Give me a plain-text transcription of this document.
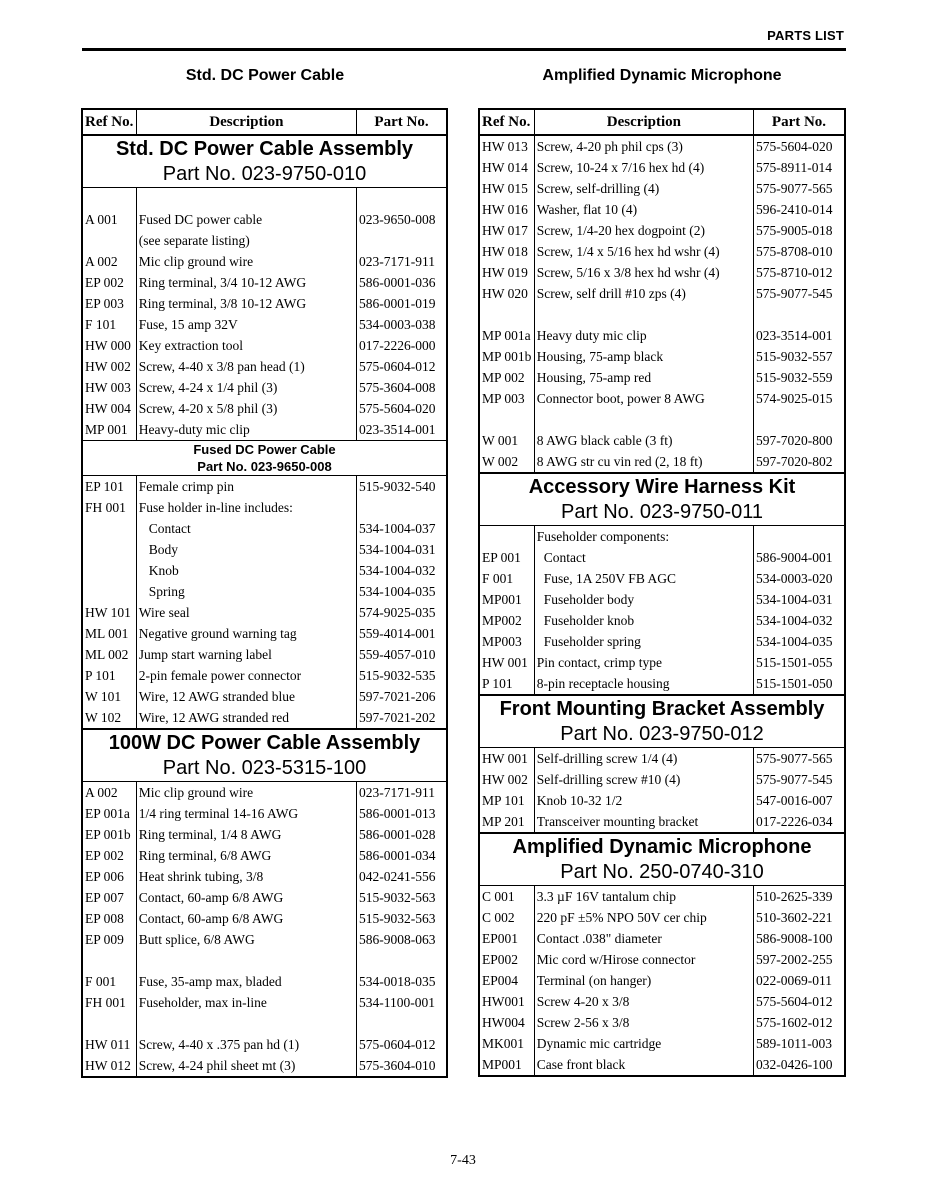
PARTS LIST
Std. DC Power Cable	Amplified Dynamic Microphone
Ref No.	Description	Part No.
Std. DC Power Cable Assembly		
Part No. 023-9750-010		

A 001	Fused DC power cable	023-9650-008
	(see separate listing)	
A 002	Mic clip ground wire	023-7171-911
EP 002	Ring terminal, 3/4 10-12 AWG	586-0001-036
EP 003	Ring terminal, 3/8 10-12 AWG	586-0001-019
F 101	Fuse, 15 amp 32V	534-0003-038
HW 000	Key extraction tool	017-2226-000
HW 002	Screw, 4-40 x 3/8 pan head (1)	575-0604-012
HW 003	Screw, 4-24 x 1/4 phil (3)	575-3604-008
HW 004	Screw, 4-20 x 5/8 phil (3)	575-5604-020
MP 001	Heavy-duty mic clip	023-3514-001
Fused DC Power Cable		
Part No. 023-9650-008		
EP 101	Female crimp pin	515-9032-540
FH 001	Fuse holder in-line includes:	
	Contact	534-1004-037
	Body	534-1004-031
	Knob	534-1004-032
	Spring	534-1004-035
HW 101	Wire seal	574-9025-035
ML 001	Negative ground warning tag	559-4014-001
ML 002	Jump start warning label	559-4057-010
P 101	2-pin female power connector	515-9032-535
W 101	Wire, 12 AWG stranded blue	597-7021-206
W 102	Wire, 12 AWG stranded red	597-7021-202
100W DC Power Cable Assembly		
Part No. 023-5315-100		
A 002	Mic clip ground wire	023-7171-911
EP 001a	1/4 ring terminal 14-16 AWG	586-0001-013
EP 001b	Ring terminal, 1/4 8 AWG	586-0001-028
EP 002	Ring terminal, 6/8 AWG	586-0001-034
EP 006	Heat shrink tubing, 3/8	042-0241-556
EP 007	Contact, 60-amp 6/8 AWG	515-9032-563
EP 008	Contact, 60-amp 6/8 AWG	515-9032-563
EP 009	Butt splice, 6/8 AWG	586-9008-063

F 001	Fuse, 35-amp max, bladed	534-0018-035
FH 001	Fuseholder, max in-line	534-1100-001

HW 011	Screw, 4-40 x .375 pan hd (1)	575-0604-012
HW 012	Screw, 4-24 phil sheet mt (3)	575-3604-010
Ref No.	Description	Part No.
HW 013	Screw, 4-20 ph phil cps (3)	575-5604-020
HW 014	Screw, 10-24 x 7/16 hex hd (4)	575-8911-014
HW 015	Screw, self-drilling (4)	575-9077-565
HW 016	Washer, flat 10 (4)	596-2410-014
HW 017	Screw, 1/4-20 hex dogpoint (2)	575-9005-018
HW 018	Screw, 1/4 x 5/16 hex hd wshr (4)	575-8708-010
HW 019	Screw, 5/16 x 3/8 hex hd wshr (4)	575-8710-012
HW 020	Screw, self drill #10 zps (4)	575-9077-545

MP 001a	Heavy duty mic clip	023-3514-001
MP 001b	Housing, 75-amp black	515-9032-557
MP 002	Housing, 75-amp red	515-9032-559
MP 003	Connector boot, power 8 AWG	574-9025-015

W 001	8 AWG black cable (3 ft)	597-7020-800
W 002	8 AWG str cu vin red (2, 18 ft)	597-7020-802
Accessory Wire Harness Kit		
Part No. 023-9750-011		
	Fuseholder components:	
EP 001	Contact	586-9004-001
F 001	Fuse, 1A 250V FB AGC	534-0003-020
MP001	Fuseholder body	534-1004-031
MP002	Fuseholder knob	534-1004-032
MP003	Fuseholder spring	534-1004-035
HW 001	Pin contact, crimp type	515-1501-055
P 101	8-pin receptacle housing	515-1501-050
Front Mounting Bracket Assembly		
Part No. 023-9750-012		
HW 001	Self-drilling screw 1/4 (4)	575-9077-565
HW 002	Self-drilling screw #10 (4)	575-9077-545
MP 101	Knob 10-32 1/2	547-0016-007
MP 201	Transceiver mounting bracket	017-2226-034
Amplified Dynamic Microphone		
Part No. 250-0740-310		
C 001	3.3 µF 16V tantalum chip	510-2625-339
C 002	220 pF ±5% NPO 50V cer chip	510-3602-221
EP001	Contact .038" diameter	586-9008-100
EP002	Mic cord w/Hirose connector	597-2002-255
EP004	Terminal (on hanger)	022-0069-011
HW001	Screw 4-20 x 3/8	575-5604-012
HW004	Screw 2-56 x 3/8	575-1602-012
MK001	Dynamic mic cartridge	589-1011-003
MP001	Case front black	032-0426-100
7-43
